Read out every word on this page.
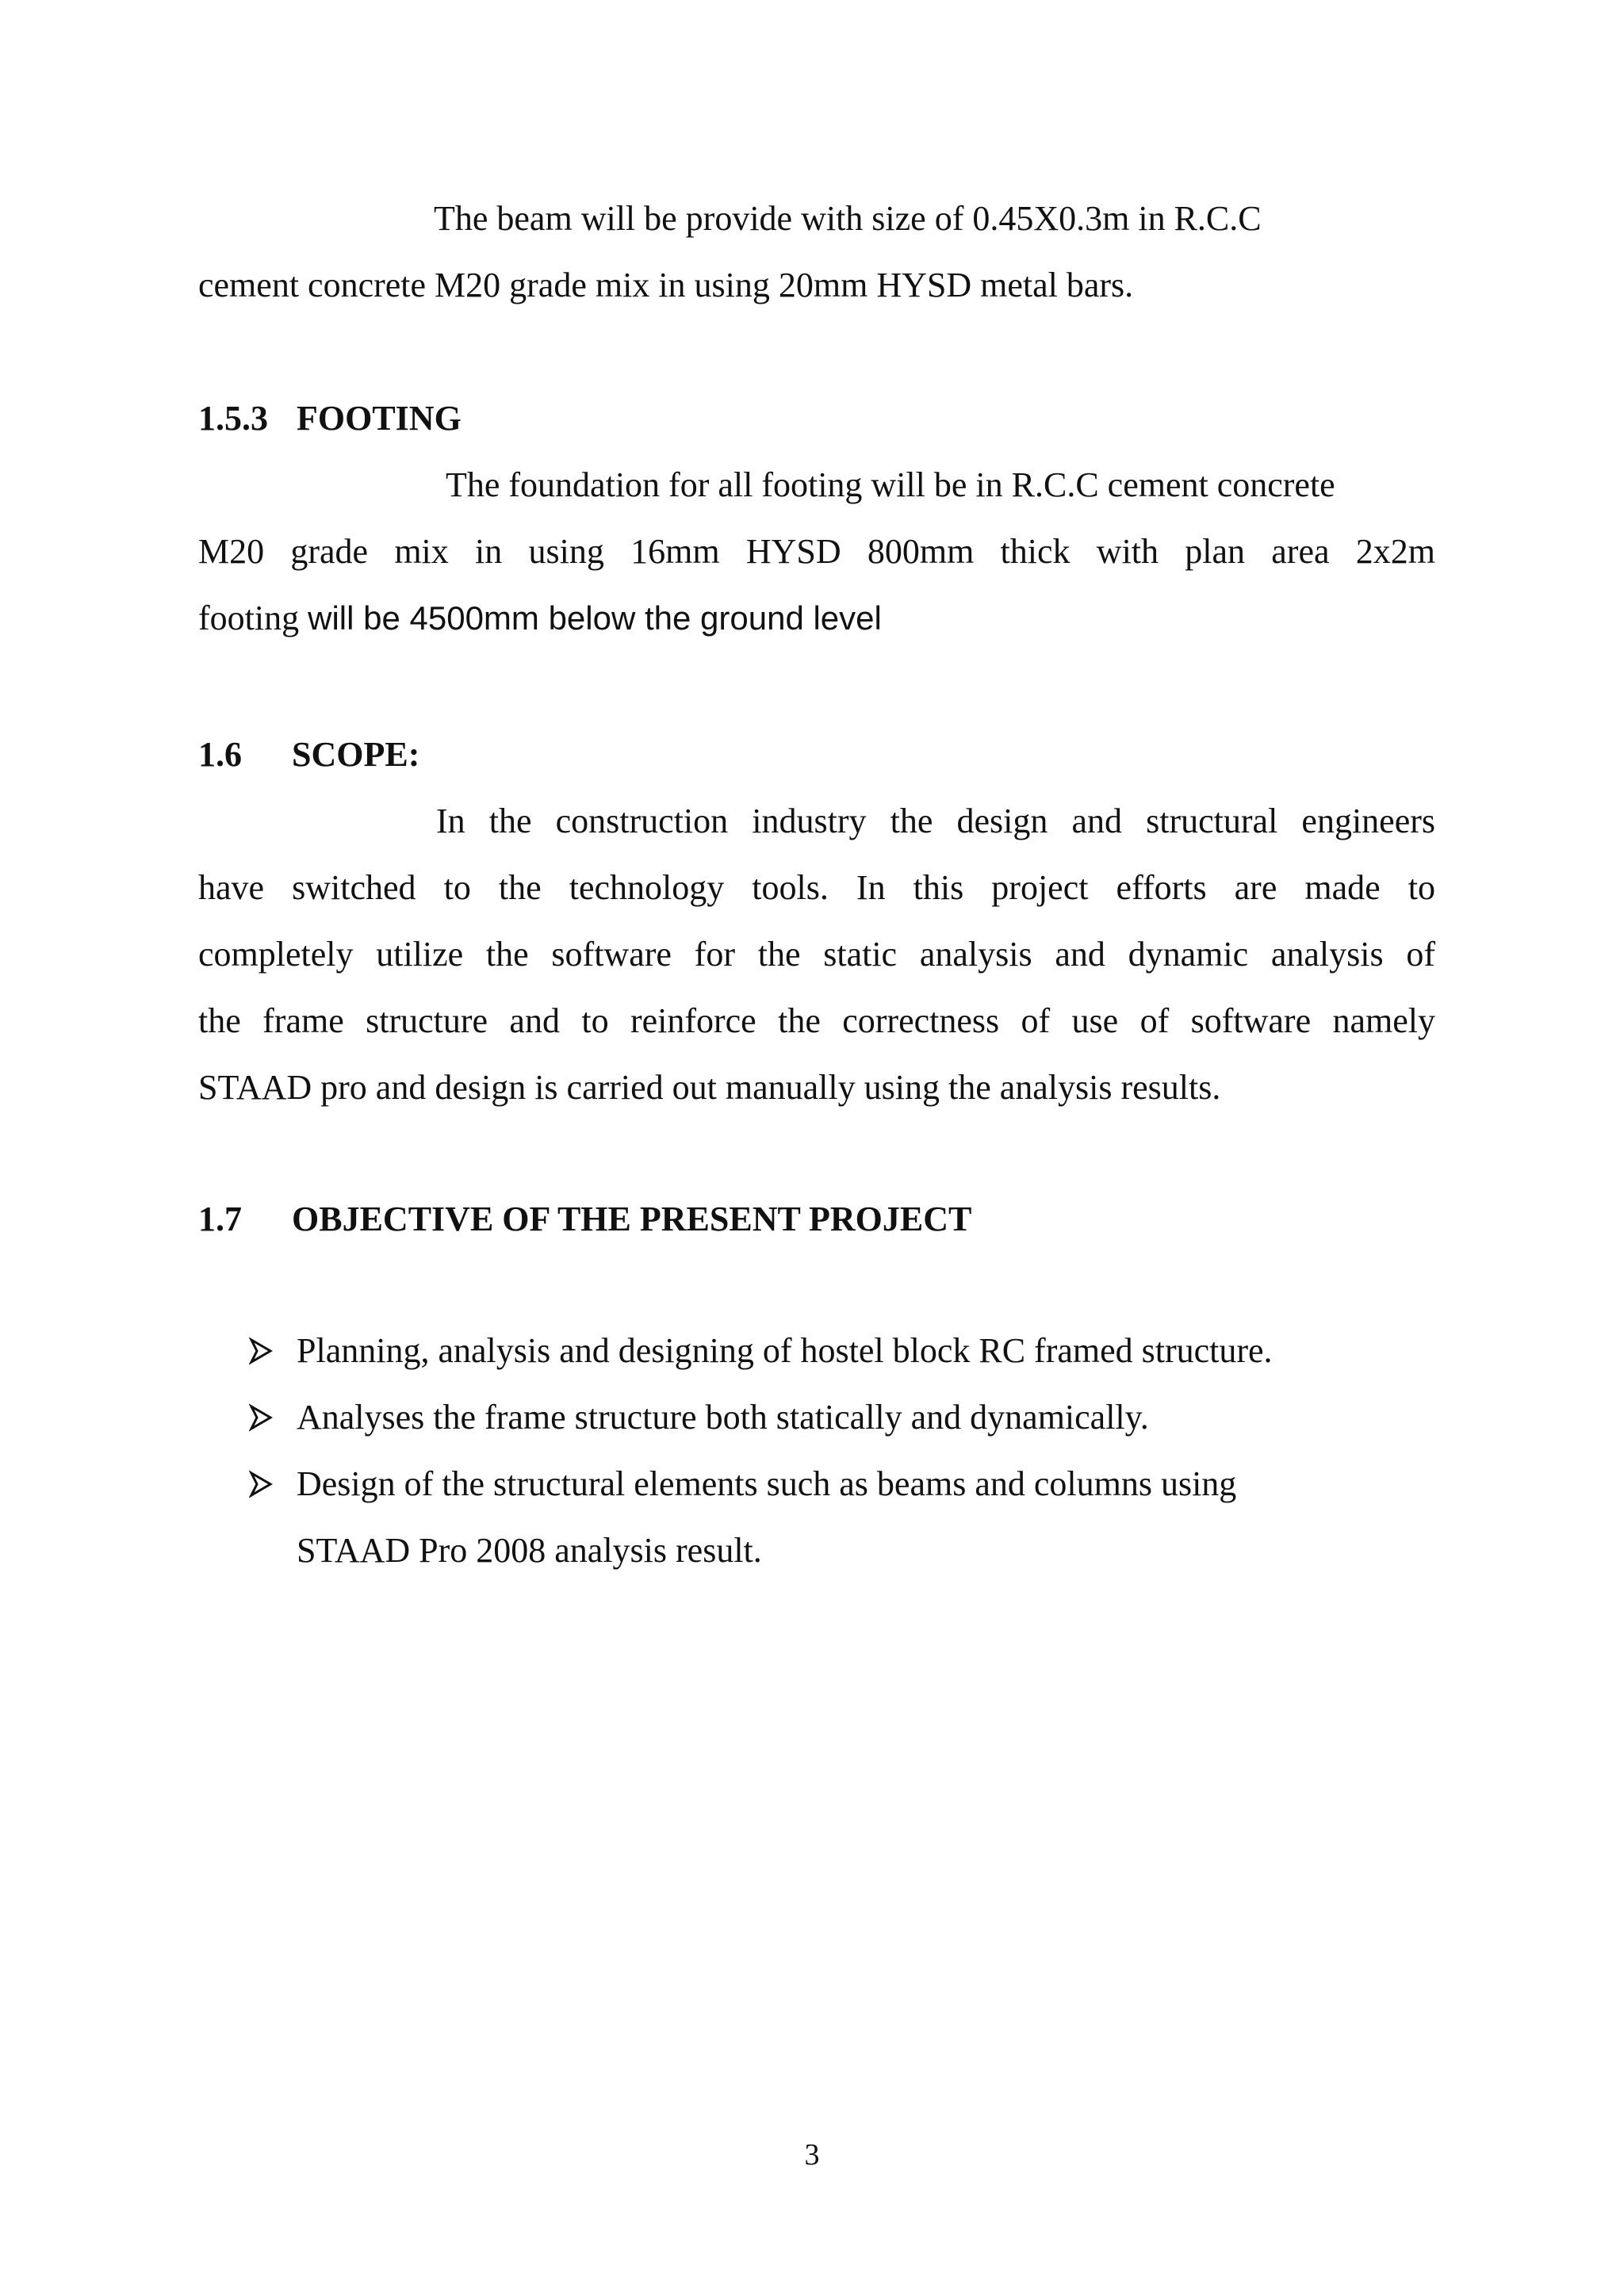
The beam will be provide with size of 0.45X0.3m in R.C.C
cement concrete M20 grade mix in using 20mm HYSD metal bars.
1.5.3 FOOTING
The foundation for all footing will be in R.C.C cement concrete
M20 grade mix in using 16mm HYSD 800mm thick with plan area 2x2m
footing will be 4500mm below the ground level
1.6 SCOPE:
In the construction industry the design and structural engineers
have switched to the technology tools. In this project efforts are made to
completely utilize the software for the static analysis and dynamic analysis of
the frame structure and to reinforce the correctness of use of software namely
STAAD pro and design is carried out manually using the analysis results.
1.7 OBJECTIVE OF THE PRESENT PROJECT
Planning, analysis and designing of hostel block RC framed structure.
Analyses the frame structure both statically and dynamically.
Design of the structural elements such as beams and columns using
STAAD Pro 2008 analysis result.
3
